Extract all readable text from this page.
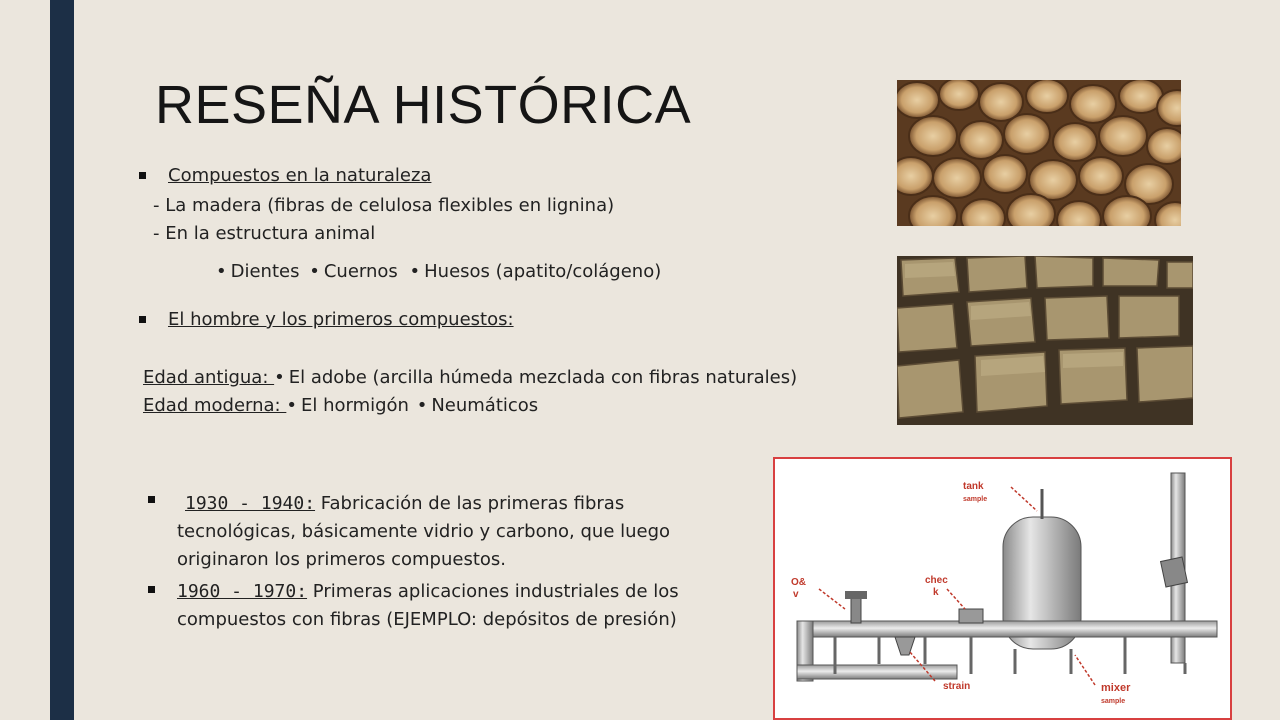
RESEÑA HISTÓRICA
Compuestos en la naturaleza
- La madera (fibras de celulosa flexibles en lignina)
- En la estructura animal
• Dientes • Cuernos • Huesos (apatito/colágeno)
El hombre y los primeros compuestos:
Edad antigua: • El adobe (arcilla húmeda mezclada con fibras naturales)
Edad moderna: • El hormigón • Neumáticos
1930 - 1940: Fabricación de las primeras fibras
tecnológicas, básicamente vidrio y carbono, que luego
originaron los primeros compuestos.
1960 - 1970: Primeras aplicaciones industriales de los
compuestos con fibras (EJEMPLO: depósitos de presión)
tank
sample
O&
v
chec
k
strain	mixer
sample
